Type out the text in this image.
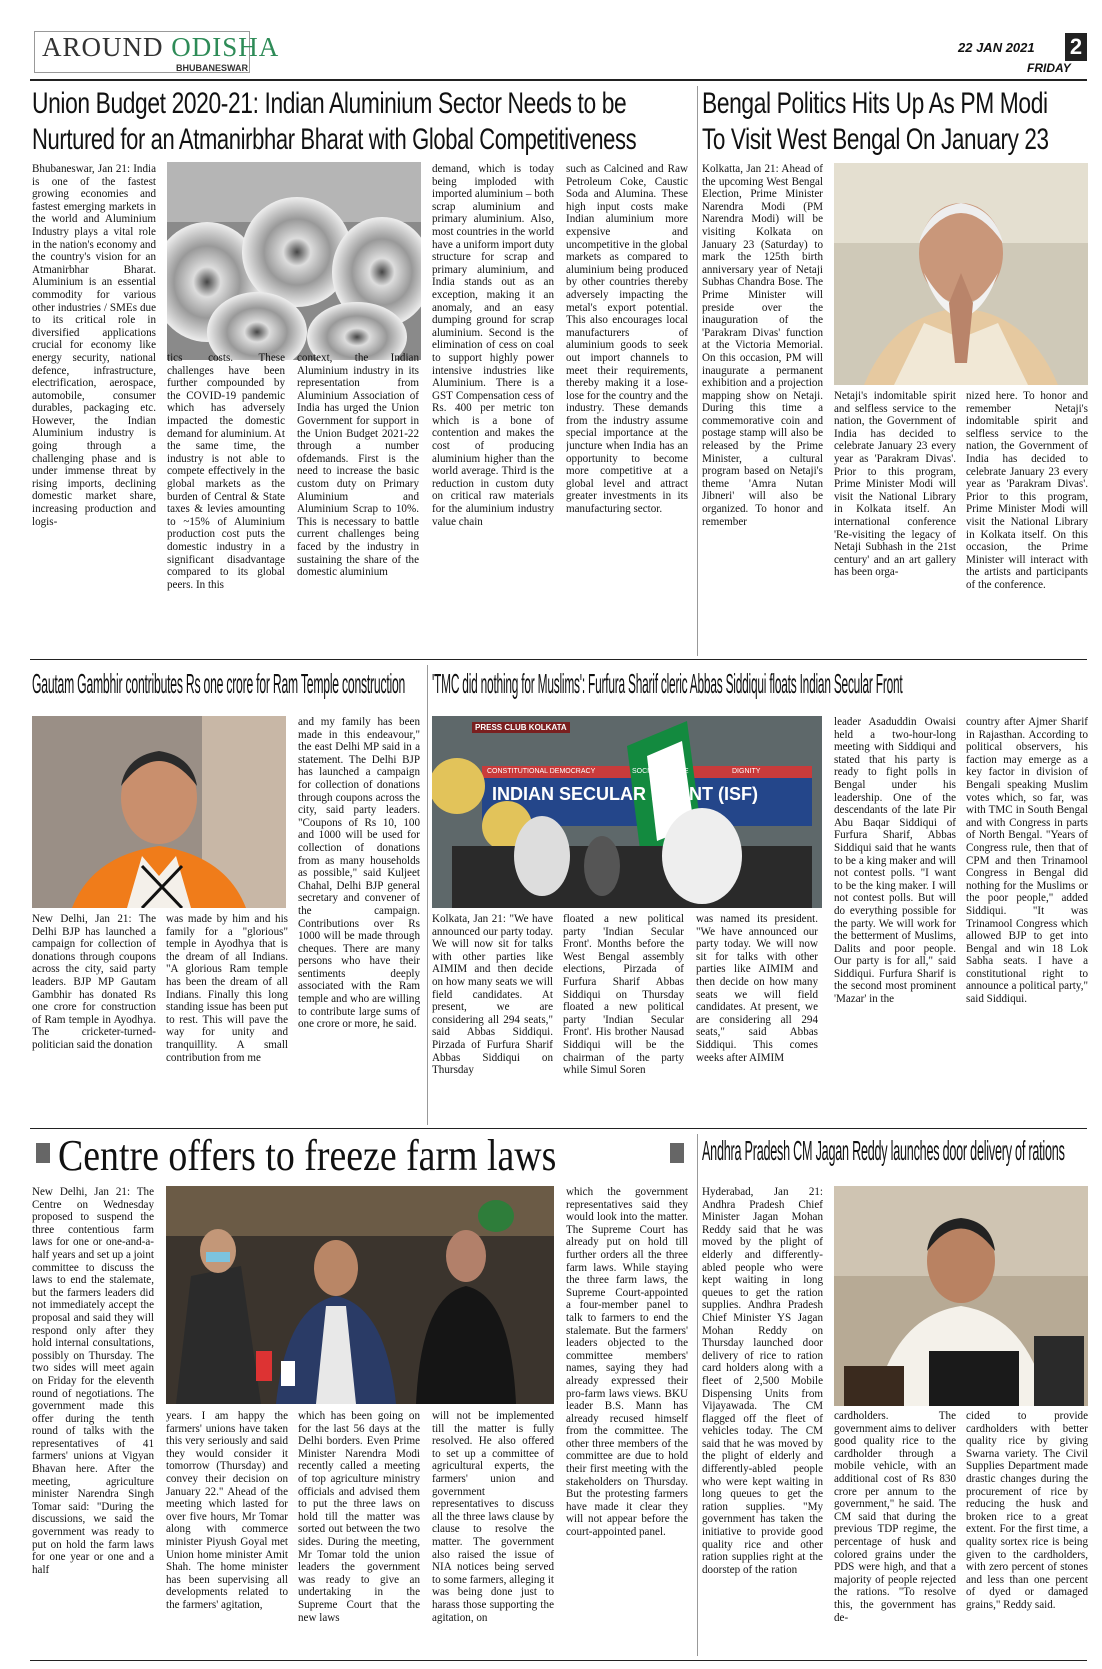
AROUND ODISHA
BHUBANESWAR
22 JAN 2021 2
FRIDAY
Union Budget 2020-21: Indian Aluminium Sector Needs to be
Nurtured for an Atmanirbhar Bharat with Global Competitiveness
Bhubaneswar, Jan 21: India is one of the fastest growing economies and fastest emerging markets in the world and Aluminium Industry plays a vital role in the nation's economy and the country's vision for an Atmanirbhar Bharat. Aluminium is an essential commodity for various other industries / SMEs due to its critical role in diversified applications crucial for economy like energy security, national defence, infrastructure, electrification, aerospace, automobile, consumer durables, packaging etc. However, the Indian Aluminium industry is going through a challenging phase and is under immense threat by rising imports, declining domestic market share, increasing production and logis-
tics costs. These challenges have been further compounded by the COVID-19 pandemic which has adversely impacted the domestic demand for aluminium. At the same time, the industry is not able to compete effectively in the global markets as the burden of Central & State taxes & levies amounting to ~15% of Aluminium production cost puts the domestic industry in a significant disadvantage compared to its global peers. In this
context, the Indian Aluminium industry in its representation from Aluminium Association of India has urged the Union Government for support in the Union Budget 2021-22 through a number ofdemands. First is the need to increase the basic custom duty on Primary Aluminium and Aluminium Scrap to 10%. This is necessary to battle current challenges being faced by the industry in sustaining the share of the domestic aluminium
demand, which is today being imploded with imported aluminium – both scrap aluminium and primary aluminium. Also, most countries in the world have a uniform import duty structure for scrap and primary aluminium, and India stands out as an exception, making it an anomaly, and an easy dumping ground for scrap aluminium. Second is the elimination of cess on coal to support highly power intensive industries like Aluminium. There is a GST Compensation cess of Rs. 400 per metric ton which is a bone of contention and makes the cost of producing aluminium higher than the world average. Third is the reduction in custom duty on critical raw materials for the aluminium industry value chain
such as Calcined and Raw Petroleum Coke, Caustic Soda and Alumina. These high input costs make Indian aluminium more expensive and uncompetitive in the global markets as compared to aluminium being produced by other countries thereby adversely impacting the metal's export potential. This also encourages local manufacturers of aluminium goods to seek out import channels to meet their requirements, thereby making it a lose-lose for the country and the industry. These demands from the industry assume special importance at the juncture when India has an opportunity to become more competitive at a global level and attract greater investments in its manufacturing sector.
Bengal Politics Hits Up As PM Modi
To Visit West Bengal On January 23
Kolkatta, Jan 21: Ahead of the upcoming West Bengal Election, Prime Minister Narendra Modi (PM Narendra Modi) will be visiting Kolkata on January 23 (Saturday) to mark the 125th birth anniversary year of Netaji Subhas Chandra Bose. The Prime Minister will preside over the inauguration of the 'Parakram Divas' function at the Victoria Memorial. On this occasion, PM will inaugurate a permanent exhibition and a projection mapping show on Netaji. During this time a commemorative coin and postage stamp will also be released by the Prime Minister, a cultural program based on Netaji's theme 'Amra Nutan Jibneri' will also be organized. To honor and remember
Netaji's indomitable spirit and selfless service to the nation, the Government of India has decided to celebrate January 23 every year as 'Parakram Divas'. Prior to this program, Prime Minister Modi will visit the National Library in Kolkata itself. An international conference 'Re-visiting the legacy of Netaji Subhash in the 21st century' and an art gallery has been orga-
nized here. To honor and remember Netaji's indomitable spirit and selfless service to the nation, the Government of India has decided to celebrate January 23 every year as 'Parakram Divas'. Prior to this program, Prime Minister Modi will visit the National Library in Kolkata itself. On this occasion, the Prime Minister will interact with the artists and participants of the conference.
Gautam Gambhir contributes Rs one crore for Ram Temple construction
New Delhi, Jan 21: The Delhi BJP has launched a campaign for collection of donations through coupons across the city, said party leaders. BJP MP Gautam Gambhir has donated Rs one crore for construction of Ram temple in Ayodhya. The cricketer-turned-politician said the donation
was made by him and his family for a "glorious" temple in Ayodhya that is the dream of all Indians. "A glorious Ram temple has been the dream of all Indians. Finally this long standing issue has been put to rest. This will pave the way for unity and tranquillity. A small contribution from me
and my family has been made in this endeavour," the east Delhi MP said in a statement. The Delhi BJP has launched a campaign for collection of donations through coupons across the city, said party leaders. "Coupons of Rs 10, 100 and 1000 will be used for collection of donations from as many households as possible," said Kuljeet Chahal, Delhi BJP general secretary and convener of the campaign. Contributions over Rs 1000 will be made through cheques. There are many persons who have their sentiments deeply associated with the Ram temple and who are willing to contribute large sums of one crore or more, he said.
'TMC did nothing for Muslims': Furfura Sharif cleric Abbas Siddiqui floats Indian Secular Front
INDIAN SECULAR FRONT (ISF)
PRESS CLUB KOLKATA
CONSTITUTIONAL DEMOCRACY	SOCIAL JUSTICE	DIGNITY
Kolkata, Jan 21: "We have announced our party today. We will now sit for talks with other parties like AIMIM and then decide on how many seats we will field candidates. At present, we are considering all 294 seats," said Abbas Siddiqui. Pirzada of Furfura Sharif Abbas Siddiqui on Thursday
floated a new political party 'Indian Secular Front'. Months before the West Bengal assembly elections, Pirzada of Furfura Sharif Abbas Siddiqui on Thursday floated a new political party 'Indian Secular Front'. His brother Nausad Siddiqui will be the chairman of the party while Simul Soren
was named its president. "We have announced our party today. We will now sit for talks with other parties like AIMIM and then decide on how many seats we will field candidates. At present, we are considering all 294 seats," said Abbas Siddiqui. This comes weeks after AIMIM
leader Asaduddin Owaisi held a two-hour-long meeting with Siddiqui and stated that his party is ready to fight polls in Bengal under his leadership. One of the descendants of the late Pir Abu Baqar Siddiqui of Furfura Sharif, Abbas Siddiqui said that he wants to be a king maker and will not contest polls. "I want to be the king maker. I will not contest polls. But will do everything possible for the party. We will work for the betterment of Muslims, Dalits and poor people. Our party is for all," said Siddiqui. Furfura Sharif is the second most prominent 'Mazar' in the
country after Ajmer Sharif in Rajasthan. According to political observers, his faction may emerge as a key factor in division of Bengali speaking Muslim votes which, so far, was with TMC in South Bengal and with Congress in parts of North Bengal. "Years of Congress rule, then that of CPM and then Trinamool Congress in Bengal did nothing for the Muslims or the poor people," added Siddiqui. "It was Trinamool Congress which allowed BJP to get into Bengal and win 18 Lok Sabha seats. I have a constitutional right to announce a political party," said Siddiqui.
Centre offers to freeze farm laws
New Delhi, Jan 21: The Centre on Wednesday proposed to suspend the three contentious farm laws for one or one-and-a-half years and set up a joint committee to discuss the laws to end the stalemate, but the farmers leaders did not immediately accept the proposal and said they will respond only after they hold internal consultations, possibly on Thursday. The two sides will meet again on Friday for the eleventh round of negotiations. The government made this offer during the tenth round of talks with the representatives of 41 farmers' unions at Vigyan Bhavan here. After the meeting, agriculture minister Narendra Singh Tomar said: "During the discussions, we said the government was ready to put on hold the farm laws for one year or one and a half
years. I am happy the farmers' unions have taken this very seriously and said they would consider it tomorrow (Thursday) and convey their decision on January 22." Ahead of the meeting which lasted for over five hours, Mr Tomar along with commerce minister Piyush Goyal met Union home minister Amit Shah. The home minister has been supervising all developments related to the farmers' agitation,
which has been going on for the last 56 days at the Delhi borders. Even Prime Minister Narendra Modi recently called a meeting of top agriculture ministry officials and advised them to put the three laws on hold till the matter was sorted out between the two sides. During the meeting, Mr Tomar told the union leaders the government was ready to give an undertaking in the Supreme Court that the new laws
will not be implemented till the matter is fully resolved. He also offered to set up a committee of agricultural experts, the farmers' union and government representatives to discuss all the three laws clause by clause to resolve the matter. The government also raised the issue of NIA notices being served to some farmers, alleging it was being done just to harass those supporting the agitation, on
which the government representatives said they would look into the matter. The Supreme Court has already put on hold till further orders all the three farm laws. While staying the three farm laws, the Supreme Court-appointed a four-member panel to talk to farmers to end the stalemate. But the farmers' leaders objected to the committee members' names, saying they had already expressed their pro-farm laws views. BKU leader B.S. Mann has already recused himself from the committee. The other three members of the committee are due to hold their first meeting with the stakeholders on Thursday. But the protesting farmers have made it clear they will not appear before the court-appointed panel.
Andhra Pradesh CM Jagan Reddy launches door delivery of rations
Hyderabad, Jan 21: Andhra Pradesh Chief Minister Jagan Mohan Reddy said that he was moved by the plight of elderly and differently-abled people who were kept waiting in long queues to get the ration supplies. Andhra Pradesh Chief Minister YS Jagan Mohan Reddy on Thursday launched door delivery of rice to ration card holders along with a fleet of 2,500 Mobile Dispensing Units from Vijayawada. The CM flagged off the fleet of vehicles today. The CM said that he was moved by the plight of elderly and differently-abled people who were kept waiting in long queues to get the ration supplies. "My government has taken the initiative to provide good quality rice and other ration supplies right at the doorstep of the ration
cardholders. The government aims to deliver good quality rice to the cardholder through a mobile vehicle, with an additional cost of Rs 830 crore per annum to the government," he said. The CM said that during the previous TDP regime, the percentage of husk and colored grains under the PDS were high, and that a majority of people rejected the rations. "To resolve this, the government has de-
cided to provide cardholders with better quality rice by giving Swarna variety. The Civil Supplies Department made drastic changes during the procurement of rice by reducing the husk and broken rice to a great extent. For the first time, a quality sortex rice is being given to the cardholders, with zero percent of stones and less than one percent of dyed or damaged grains," Reddy said.
